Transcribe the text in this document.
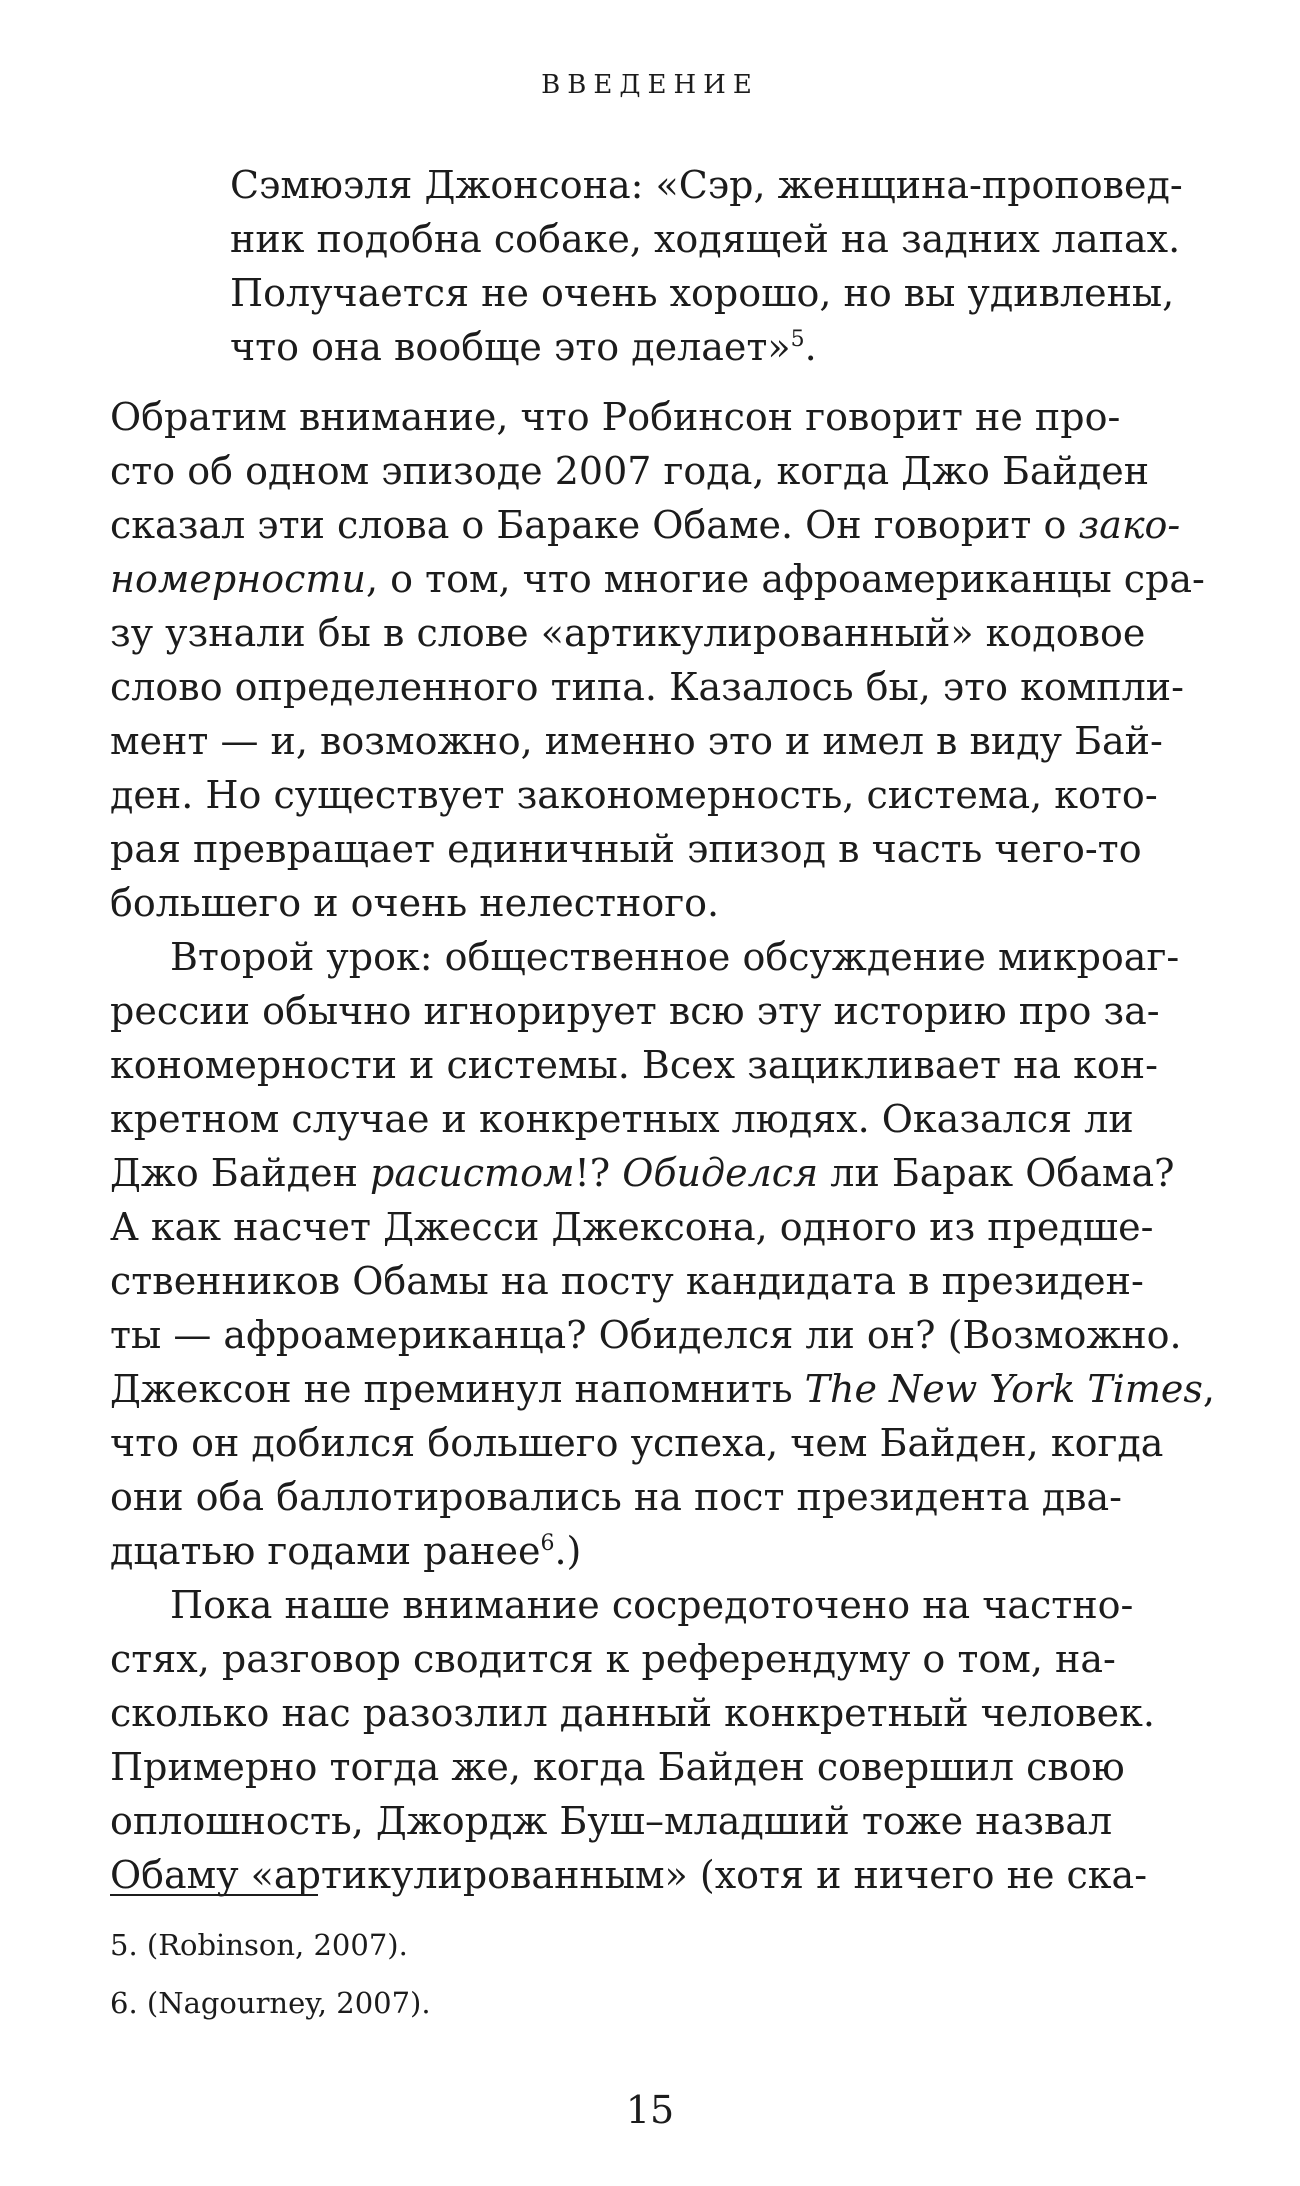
ВВЕДЕНИЕ
Сэмюэля Джонсона: «Сэр, женщина-проповед-
ник подобна собаке, ходящей на задних лапах.
Получается не очень хорошо, но вы удивлены,
что она вообще это делает»$^5$.
Обратим внимание, что Робинсон говорит не про-
сто об одном эпизоде 2007 года, когда Джо Байден
сказал эти слова о Бараке Обаме. Он говорит о зако-
номерности, о том, что многие афроамериканцы сра-
зу узнали бы в слове «артикулированный» кодовое
слово определенного типа. Казалось бы, это компли-
мент — и, возможно, именно это и имел в виду Бай-
ден. Но существует закономерность, система, кото-
рая превращает единичный эпизод в часть чего-то
большего и очень нелестного.
Второй урок: общественное обсуждение микроаг-
рессии обычно игнорирует всю эту историю про за-
кономерности и системы. Всех зацикливает на кон-
кретном случае и конкретных людях. Оказался ли
Джо Байден расистом!? Обиделся ли Барак Обама?
А как насчет Джесси Джексона, одного из предше-
ственников Обамы на посту кандидата в президен-
ты — афроамериканца? Обиделся ли он? (Возможно.
Джексон не преминул напомнить The New York Times,
что он добился большего успеха, чем Байден, когда
они оба баллотировались на пост президента два-
дцатью годами ранее$^6$.)
Пока наше внимание сосредоточено на частно-
стях, разговор сводится к референдуму о том, на-
сколько нас разозлил данный конкретный человек.
Примерно тогда же, когда Байден совершил свою
оплошность, Джордж Буш–младший тоже назвал
Обаму «артикулированным» (хотя и ничего не ска-
5. (Robinson, 2007).
6. (Nagourney, 2007).
15
